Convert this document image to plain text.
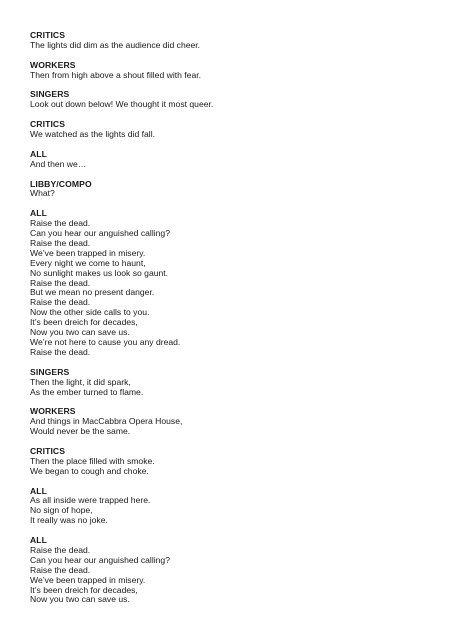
CRITICS
The lights did dim as the audience did cheer.
WORKERS
Then from high above a shout filled with fear.
SINGERS
Look out down below! We thought it most queer.
CRITICS
We watched as the lights did fall.
ALL
And then we…
LIBBY/COMPO
What?
ALL
Raise the dead.
Can you hear our anguished calling?
Raise the dead.
We’ve been trapped in misery.
Every night we come to haunt,
No sunlight makes us look so gaunt.
Raise the dead.
But we mean no present danger.
Raise the dead.
Now the other side calls to you.
It’s been dreich for decades,
Now you two can save us.
We’re not here to cause you any dread.
Raise the dead.
SINGERS
Then the light, it did spark,
As the ember turned to flame.
WORKERS
And things in MacCabbra Opera House,
Would never be the same.
CRITICS
Then the place filled with smoke.
We began to cough and choke.
ALL
As all inside were trapped here.
No sign of hope,
It really was no joke.
ALL
Raise the dead.
Can you hear our anguished calling?
Raise the dead.
We’ve been trapped in misery.
It’s been dreich for decades,
Now you two can save us.
